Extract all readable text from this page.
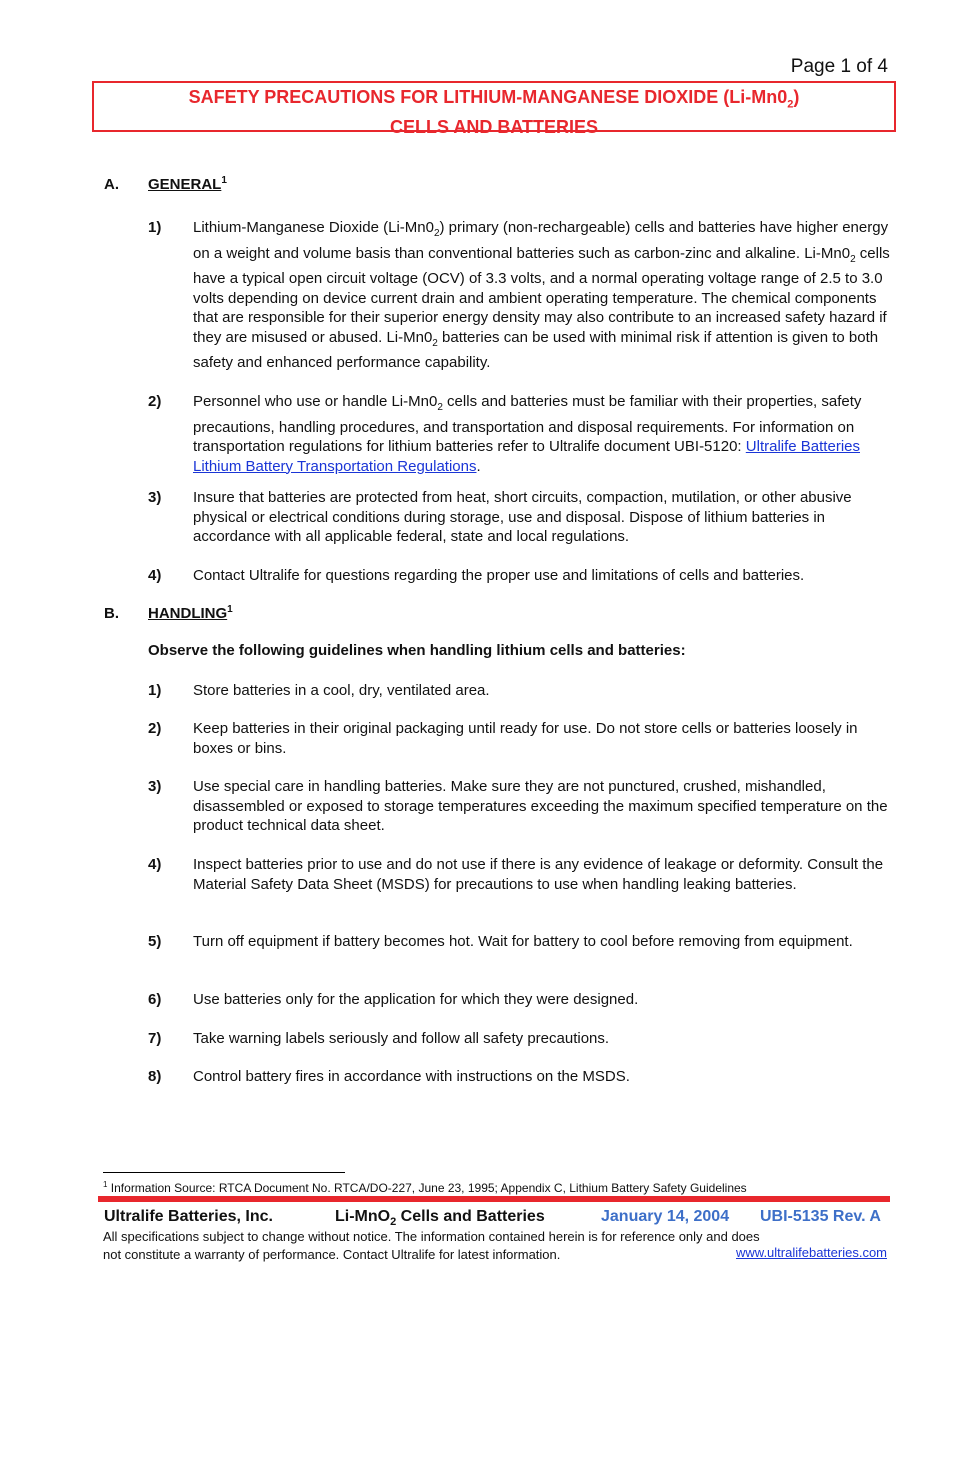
Page 1 of 4
SAFETY PRECAUTIONS FOR LITHIUM-MANGANESE DIOXIDE $(Li-Mn0_2)$
CELLS AND BATTERIES
A. GENERAL$^1$
1) Lithium-Manganese Dioxide $(Li-Mn0_2)$ primary (non-rechargeable) cells and batteries have higher energy on a weight and volume basis than conventional batteries such as carbon-zinc and alkaline. $Li-Mn0_2$ cells have a typical open circuit voltage (OCV) of 3.3 volts, and a normal operating voltage range of 2.5 to 3.0 volts depending on device current drain and ambient operating temperature. The chemical components that are responsible for their superior energy density may also contribute to an increased safety hazard if they are misused or abused. $Li-Mn0_2$ batteries can be used with minimal risk if attention is given to both safety and enhanced performance capability.
2) Personnel who use or handle $Li-Mn0_2$ cells and batteries must be familiar with their properties, safety precautions, handling procedures, and transportation and disposal requirements. For information on transportation regulations for lithium batteries refer to Ultralife document UBI-5120: Ultralife Batteries Lithium Battery Transportation Regulations.
3) Insure that batteries are protected from heat, short circuits, compaction, mutilation, or other abusive physical or electrical conditions during storage, use and disposal. Dispose of lithium batteries in accordance with all applicable federal, state and local regulations.
4) Contact Ultralife for questions regarding the proper use and limitations of cells and batteries.
B. HANDLING$^1$
Observe the following guidelines when handling lithium cells and batteries:
1) Store batteries in a cool, dry, ventilated area.
2) Keep batteries in their original packaging until ready for use. Do not store cells or batteries loosely in boxes or bins.
3) Use special care in handling batteries. Make sure they are not punctured, crushed, mishandled, disassembled or exposed to storage temperatures exceeding the maximum specified temperature on the product technical data sheet.
4) Inspect batteries prior to use and do not use if there is any evidence of leakage or deformity. Consult the Material Safety Data Sheet (MSDS) for precautions to use when handling leaking batteries.
5) Turn off equipment if battery becomes hot. Wait for battery to cool before removing from equipment.
6) Use batteries only for the application for which they were designed.
7) Take warning labels seriously and follow all safety precautions.
8) Control battery fires in accordance with instructions on the MSDS.
$^1$ Information Source: RTCA Document No. RTCA/DO-227, June 23, 1995; Appendix C, Lithium Battery Safety Guidelines
Ultralife Batteries, Inc.	Li-MnO$_2$ Cells and Batteries	January 14, 2004 UBI-5135 Rev. A
All specifications subject to change without notice. The information contained herein is for reference only and does
not constitute a warranty of performance. Contact Ultralife for latest information.	www.ultralifebatteries.com
